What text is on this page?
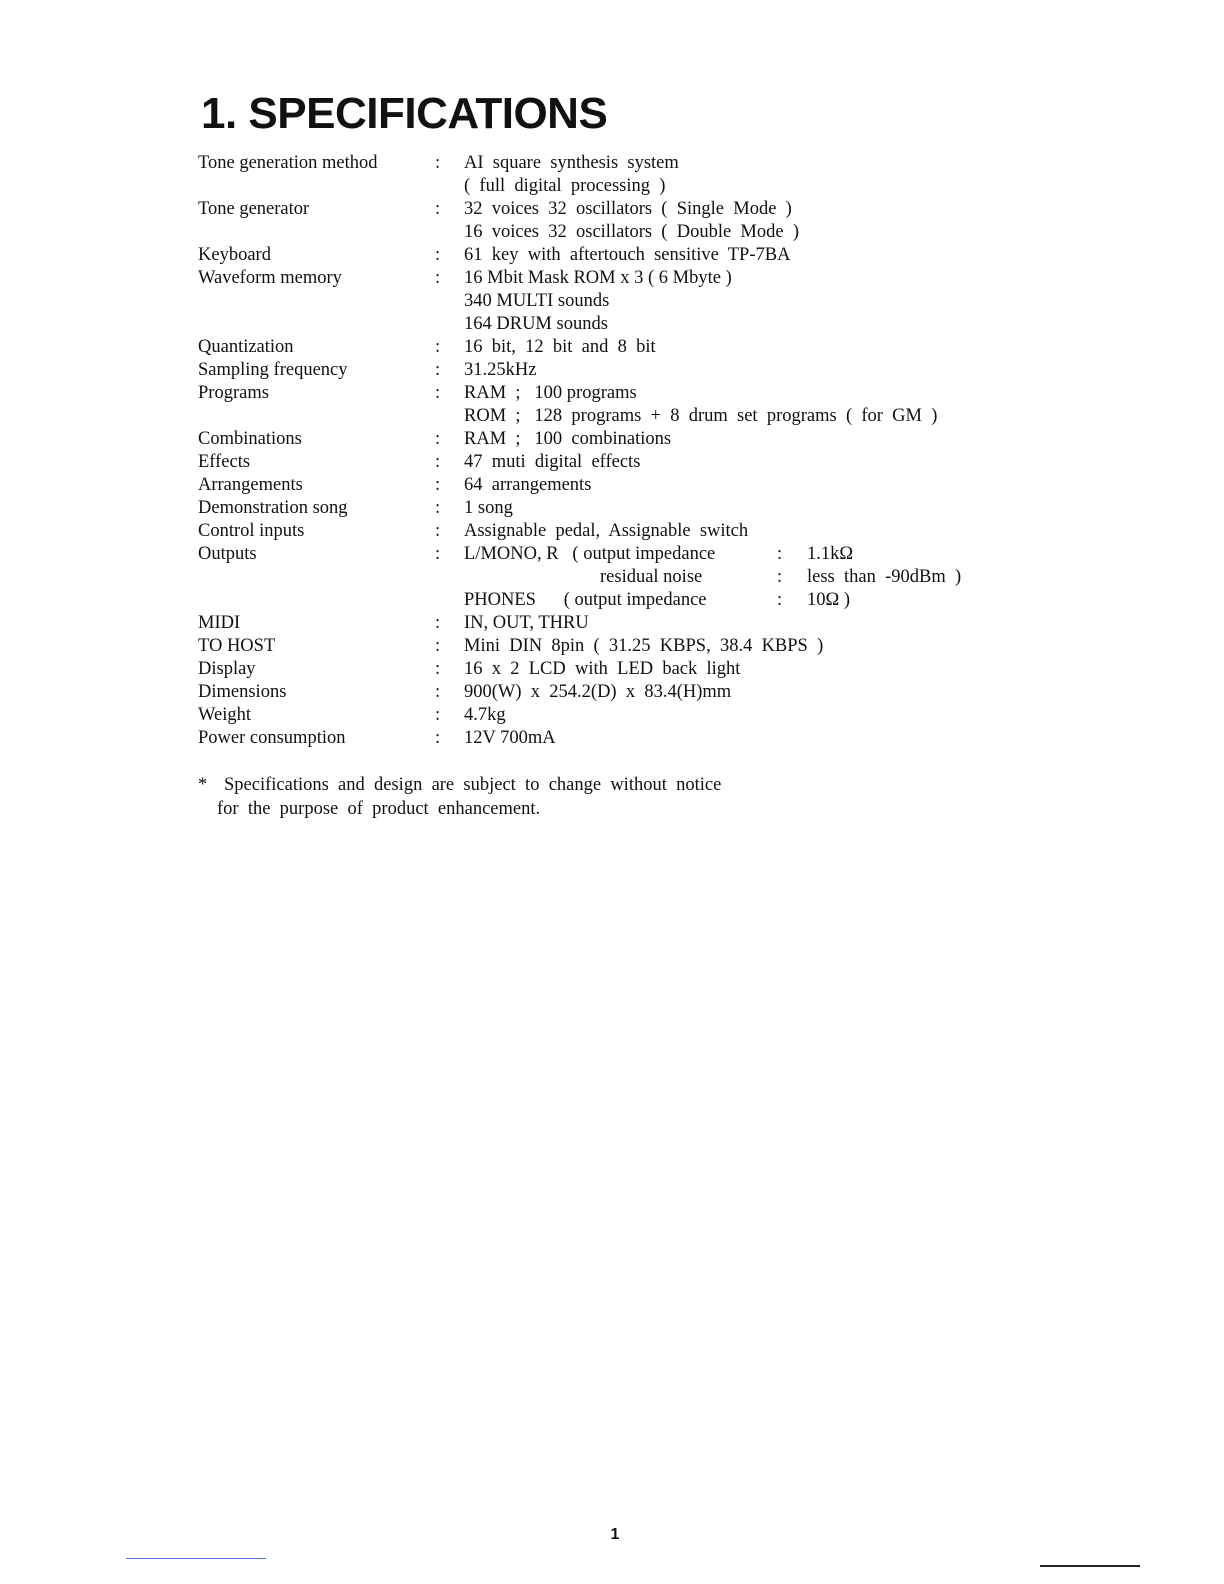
1. SPECIFICATIONS
Tone generation method	: AI  square  synthesis  system
(  full  digital  processing  )
Tone generator	: 32  voices  32  oscillators  (  Single  Mode  )
16  voices  32  oscillators  (  Double  Mode  )
Keyboard	: 61  key  with  aftertouch  sensitive  TP-7BA
Waveform memory	: 16 Mbit Mask ROM x 3 ( 6 Mbyte )
340 MULTI sounds
164 DRUM sounds
Quantization	: 16  bit,  12  bit  and  8  bit
Sampling frequency	: 31.25kHz
Programs	: RAM  ;   100 programs
ROM  ;   128  programs  +  8  drum  set  programs  (  for  GM  )
Combinations	: RAM  ;   100  combinations
Effects	: 47  muti  digital  effects
Arrangements	: 64  arrangements
Demonstration song	: 1 song
Control inputs	: Assignable  pedal,  Assignable  switch
Outputs	: L/MONO, R   ( output impedance	: 1.1kΩ
residual noise	: less  than  -90dBm  )
PHONES      ( output impedance	: 10Ω )
MIDI	: IN, OUT, THRU
TO HOST	: Mini  DIN  8pin  (  31.25  KBPS,  38.4  KBPS  )
Display	: 16  x  2  LCD  with  LED  back  light
Dimensions	: 900(W)  x  254.2(D)  x  83.4(H)mm
Weight	: 4.7kg
Power consumption	: 12V 700mA
* Specifications  and  design  are  subject  to  change  without  notice
for  the  purpose  of  product  enhancement.
1
